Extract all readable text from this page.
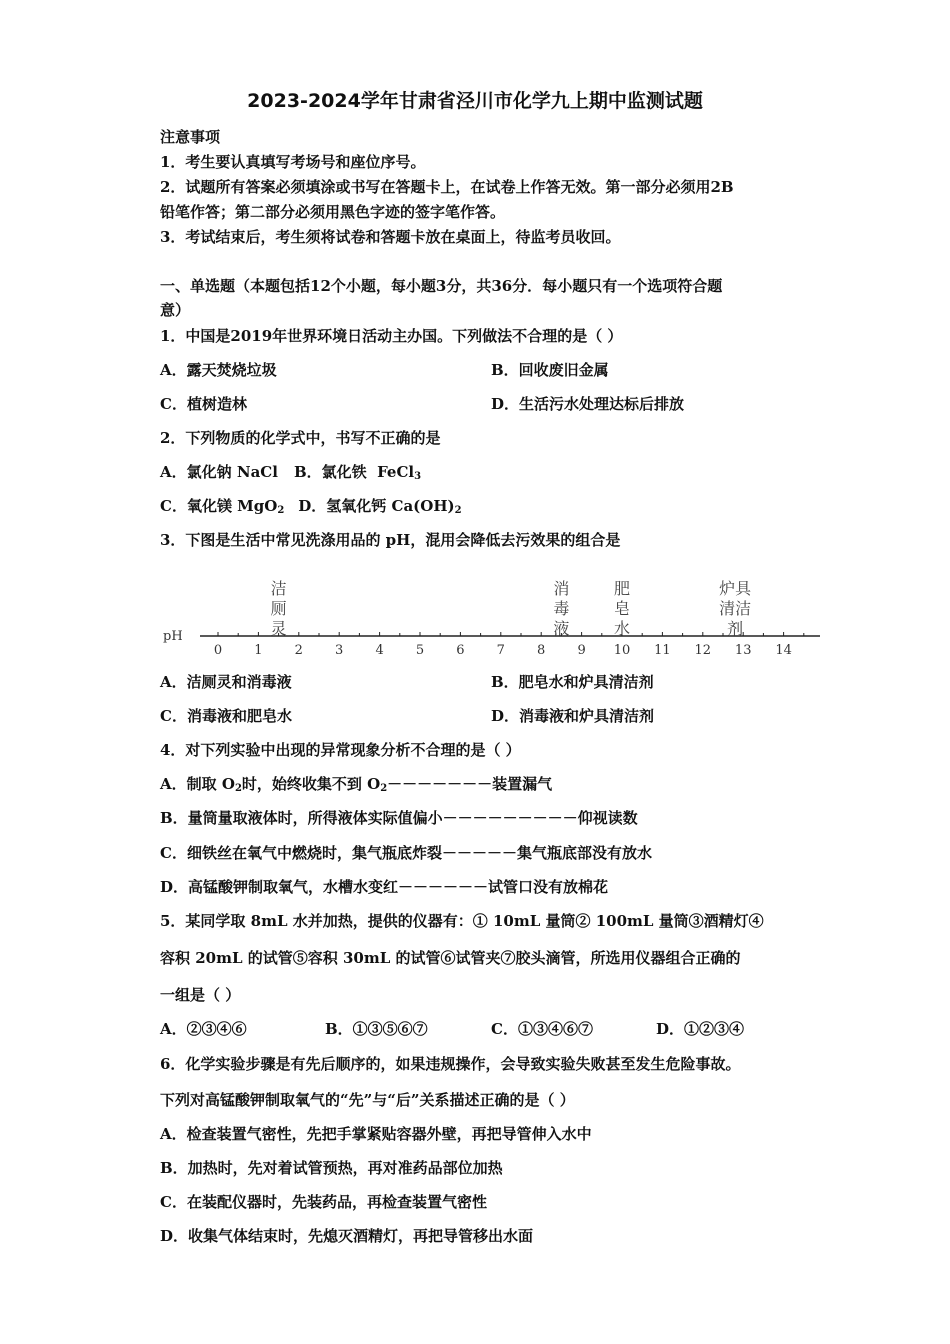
2023-2024学年甘肃省泾川市化学九上期中监测试题
注意事项
1．考生要认真填写考场号和座位序号。
2．试题所有答案必须填涂或书写在答题卡上，在试卷上作答无效。第一部分必须用2B
铅笔作答；第二部分必须用黑色字迹的签字笔作答。
3．考试结束后，考生须将试卷和答题卡放在桌面上，待监考员收回。
一、单选题（本题包括12个小题，每小题3分，共36分．每小题只有一个选项符合题
意）
1．中国是2019年世界环境日活动主办国。下列做法不合理的是（ ）
A．露天焚烧垃圾	B．回收废旧金属
C．植树造林	D．生活污水处理达标后排放
2．下列物质的化学式中，书写不正确的是
A．氯化钠 NaCl B．氯化铁 FeCl$_3$
C．氧化镁 MgO$_2$ D．氢氧化钙 $Ca(OH)_2$
3．下图是生活中常见洗涤用品的 pH，混用会降低去污效果的组合是
pH
0 1 2 3 4 5 6 7 8 9 10 11 12 13 14
洁
厕
灵
消
毒
液
肥
皂
水
炉具
清洁
剂
A．洁厕灵和消毒液	B．肥皂水和炉具清洁剂
C．消毒液和肥皂水	D．消毒液和炉具清洁剂
4．对下列实验中出现的异常现象分析不合理的是（ ）
A．制取 $O_2$时，始终收集不到 $O_2-------$装置漏气
B．量筒量取液体时，所得液体实际值偏小－－－－－－－－－仰视读数
C．细铁丝在氧气中燃烧时，集气瓶底炸裂－－－－－集气瓶底部没有放水
D．高锰酸钾制取氧气，水槽水变红－－－－－－试管口没有放棉花
5．某同学取 8mL 水并加热，提供的仪器有：① 10mL 量筒② 100mL 量筒③酒精灯④
容积 20mL 的试管⑤容积 30mL 的试管⑥试管夹⑦胶头滴管，所选用仪器组合正确的
一组是（ ）
A．②③④⑥	B．①③⑤⑥⑦	C．①③④⑥⑦	D．①②③④
6．化学实验步骤是有先后顺序的，如果违规操作，会导致实验失败甚至发生危险事故。
下列对高锰酸钾制取氧气的“先”与“后”关系描述正确的是（ ）
A．检查装置气密性，先把手掌紧贴容器外壁，再把导管伸入水中
B．加热时，先对着试管预热，再对准药品部位加热
C．在装配仪器时，先装药品，再检查装置气密性
D．收集气体结束时，先熄灭酒精灯，再把导管移出水面
